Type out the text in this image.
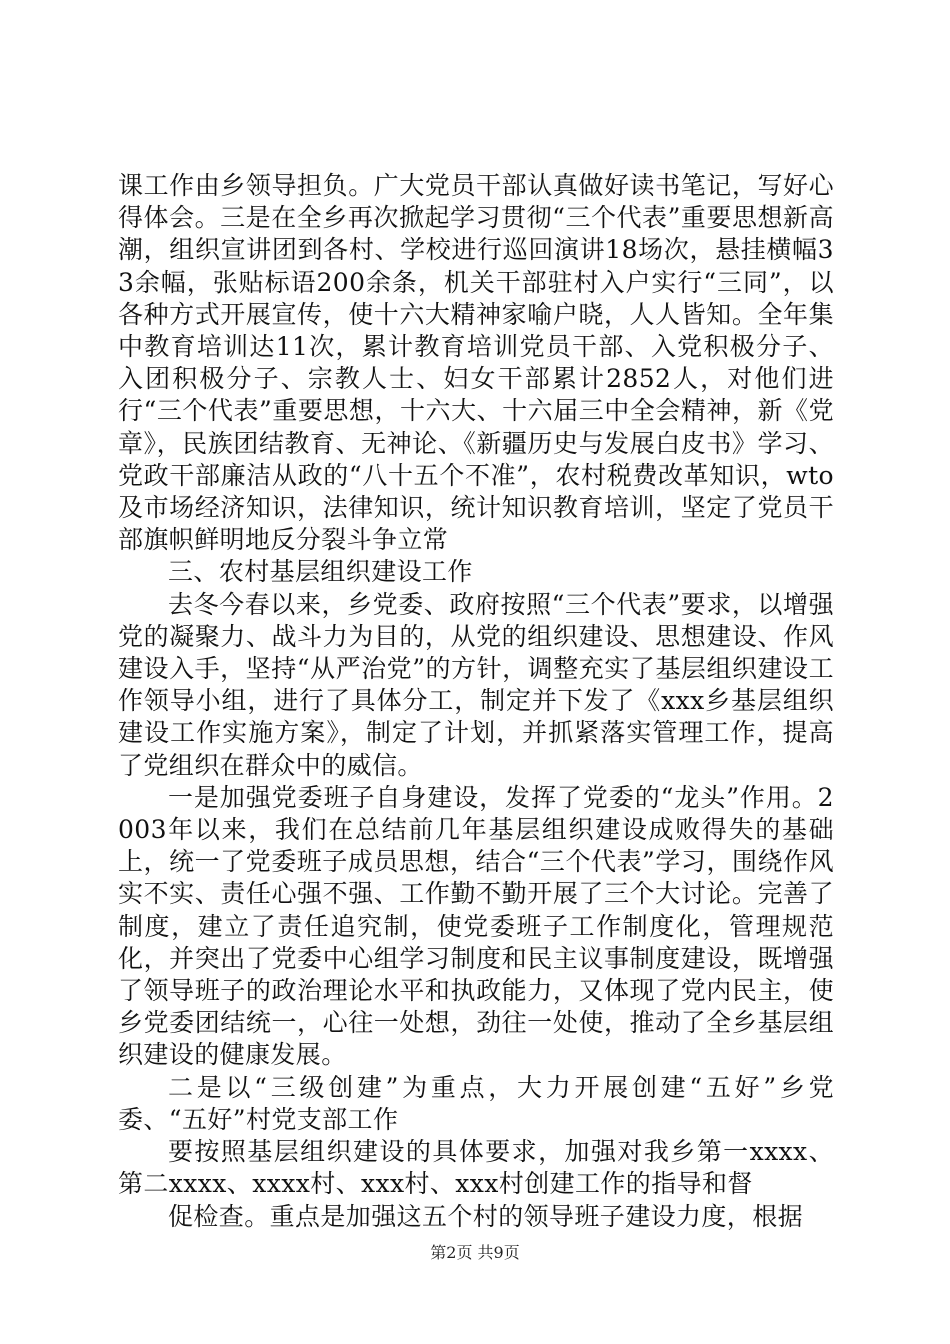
课工作由乡领导担负。广大党员干部认真做好读书笔记，写好心得体会。三是在全乡再次掀起学习贯彻“三个代表”重要思想新高潮，组织宣讲团到各村、学校进行巡回演讲18场次，悬挂横幅33余幅，张贴标语200余条，机关干部驻村入户实行“三同”，以各种方式开展宣传，使十六大精神家喻户晓，人人皆知。全年集中教育培训达11次，累计教育培训党员干部、入党积极分子、入团积极分子、宗教人士、妇女干部累计2852人，对他们进行“三个代表”重要思想，十六大、十六届三中全会精神，新《党章》，民族团结教育、无神论、《新疆历史与发展白皮书》学习、党政干部廉洁从政的“八十五个不准”，农村税费改革知识，wto及市场经济知识，法律知识，统计知识教育培训，坚定了党员干部旗帜鲜明地反分裂斗争立常

三、农村基层组织建设工作

去冬今春以来，乡党委、政府按照“三个代表”要求，以增强党的凝聚力、战斗力为目的，从党的组织建设、思想建设、作风建设入手，坚持“从严治党”的方针，调整充实了基层组织建设工作领导小组，进行了具体分工，制定并下发了《xxx乡基层组织建设工作实施方案》，制定了计划，并抓紧落实管理工作，提高了党组织在群众中的威信。

一是加强党委班子自身建设，发挥了党委的“龙头”作用。2003年以来，我们在总结前几年基层组织建设成败得失的基础上，统一了党委班子成员思想，结合“三个代表”学习，围绕作风实不实、责任心强不强、工作勤不勤开展了三个大讨论。完善了制度，建立了责任追究制，使党委班子工作制度化，管理规范化，并突出了党委中心组学习制度和民主议事制度建设，既增强了领导班子的政治理论水平和执政能力，又体现了党内民主，使乡党委团结统一，心往一处想，劲往一处使，推动了全乡基层组织建设的健康发展。

二是以“三级创建”为重点，大力开展创建“五好”乡党委、“五好”村党支部工作

要按照基层组织建设的具体要求，加强对我乡第一xxxx、第二xxxx、xxxx村、xxx村、xxx村创建工作的指导和督

促检查。重点是加强这五个村的领导班子建设力度，根据

第2页 共9页
